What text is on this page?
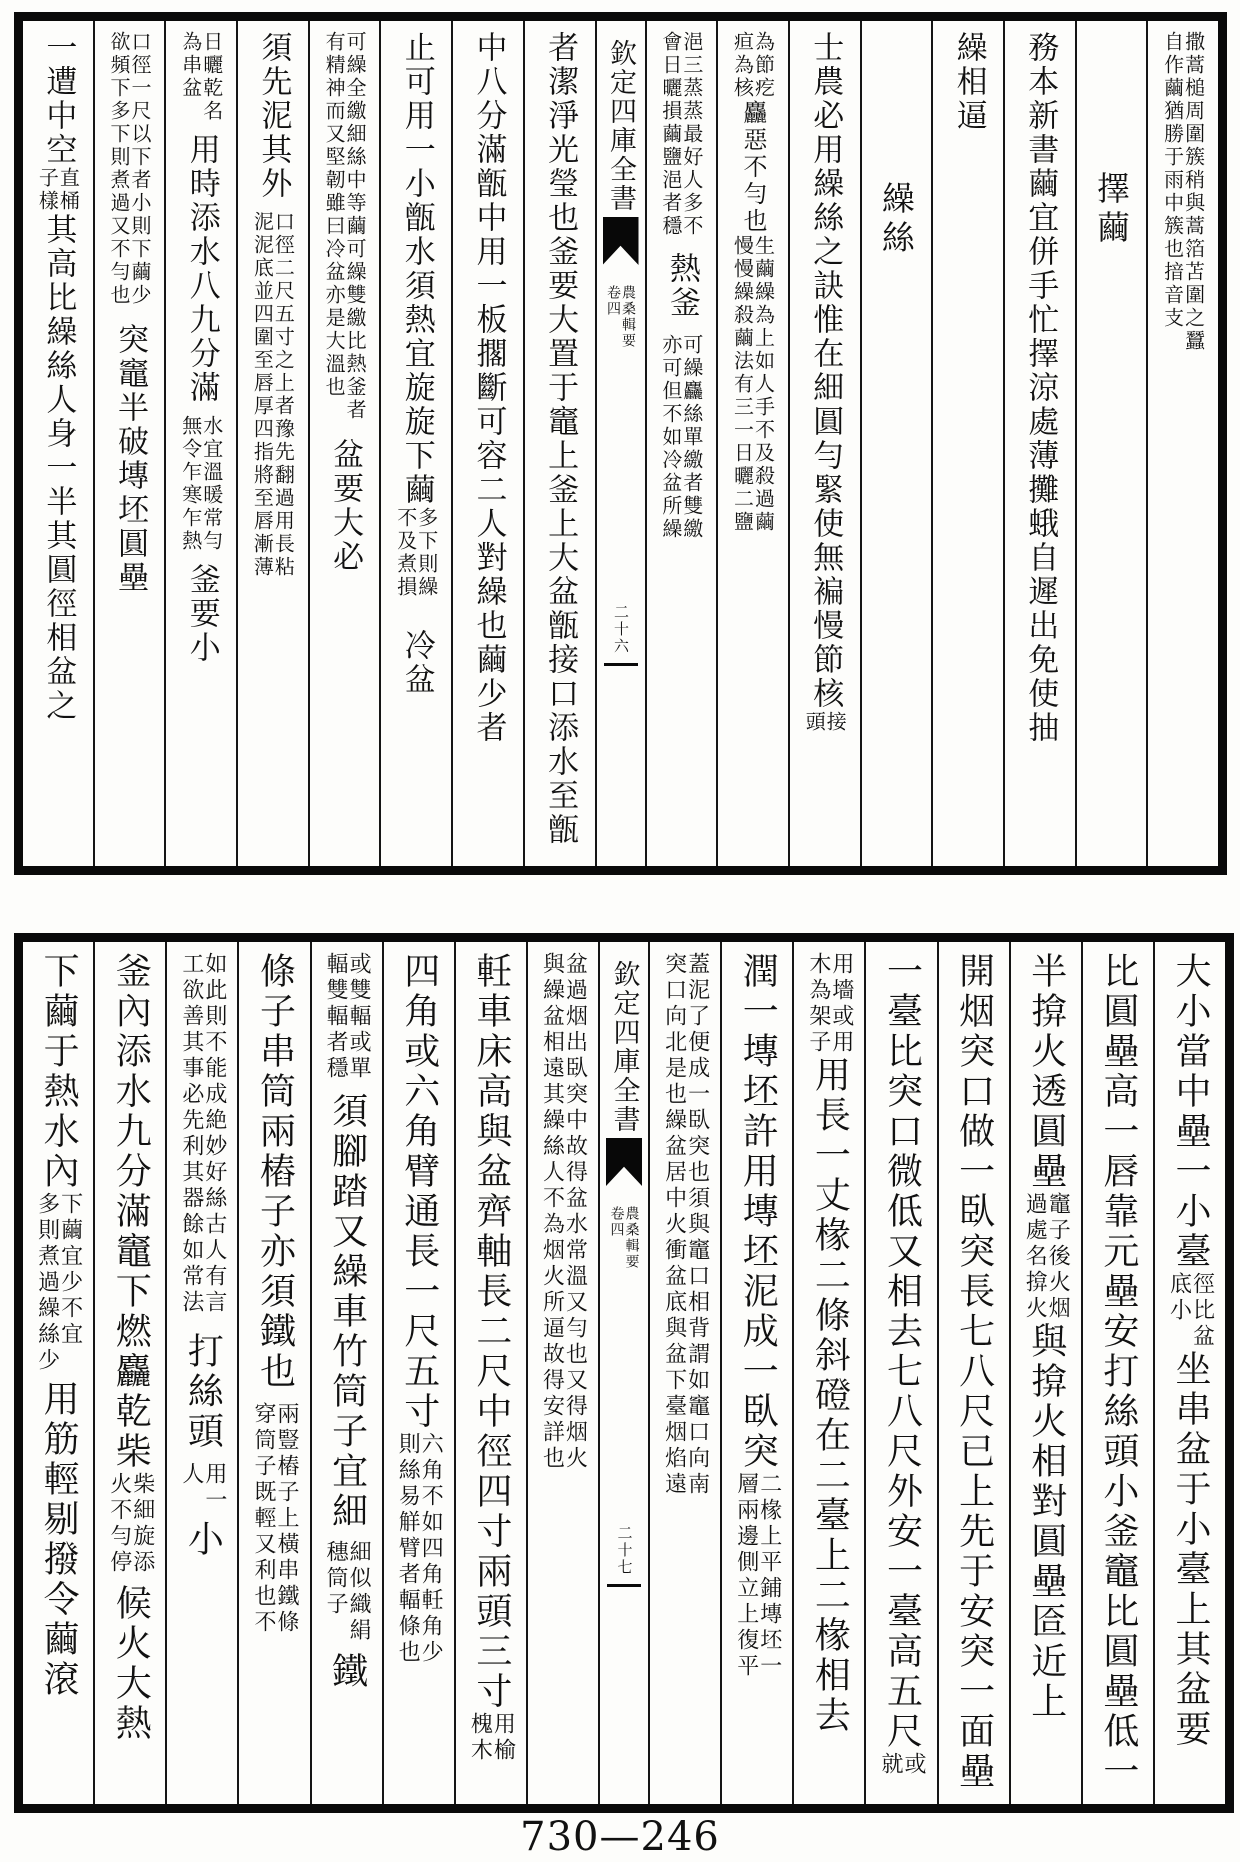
撒蒿槌周圍簇稍與蒿箔苫圍之蠶
自作繭猶勝于雨中簇也揞音支
擇繭
務本新書繭宜併手忙擇涼處薄攤蛾自遲出免使抽
繰相逼
繰絲
士農必用繰絲之訣惟在細圓勻緊使無褊慢節核
接
頭
為節疙
疸為核
麤惡不勻也
生繭繰為上如人手不及殺過繭
慢慢繰殺繭法有三一日曬二鹽
浥三蒸蒸最好人多不
會日曬損繭鹽浥者穩
熱釜
可繰麤絲單繳者雙繳
亦可但不如冷盆所繰
欽定四庫全書
農桑輯要
卷四
二十六
者潔淨光瑩也釜要大置于竈上釜上大盆甑接口添水至甑
中八分滿甑中用一板擱斷可容二人對繰也繭少者
止可用一小甑水須熱宜旋旋下繭
多下則繰
不及煮損
冷盆
可繰全繳細絲中等繭可繰雙繳比熱釜者
有精神而又堅韌雖曰冷盆亦是大溫也
盆要大必
須先泥其外
口徑二尺五寸之上者豫先翻過用長粘
泥泥底並四圍至唇厚四指將至唇漸薄
日曬乾名
為串盆
用時添水八九分滿
水宜溫暖常勻
無令乍寒乍熱
釜要小
口徑一尺以下者小則下繭少
欲頻下多下則煮過又不勻也
突竈半破塼坯圓壘
一遭中空
直桶
子樣
其高比繰絲人身一半其圓徑相盆之
大小當中壘一小臺
徑比盆
底小
坐串盆于小臺上其盆要
比圓壘高一唇靠元壘安打絲頭小釜竈比圓壘低一
半揜火透圓壘
竈子後火烟
過處名揜火
與揜火相對圓壘匼近上
開烟突口做一臥突長七八尺已上先于安突一面壘
一臺比突口微低又相去七八尺外安一臺高五尺
或
就
用墻或用
木為架子
用長一丈椽二條斜磴在二臺上二椽相去
潤一塼坯許用塼坯泥成一臥突
二椽上平鋪塼坯一
層兩邊側立上復平
蓋泥了便成一臥突也須與竈口相背謂如竈口向南
突口向北是也繰盆居中火衝盆底與盆下臺烟焰遠
欽定四庫全書
農桑輯要
卷四
二十七
盆過烟出臥突中故得盆水常溫又勻也又得烟火
與繰盆相遠其繰絲人不為烟火所逼故得安詳也
軠車床高與盆齊軸長二尺中徑四寸兩頭三寸
用榆
槐木
四角或六角臂通長一尺五寸
六角不如四角軠角少
則絲易觧臂者輻條也
或雙輻或單
輻雙輻者穩
須腳踏又繰車竹筒子宜細
細似織絹
穗筒子
鐵
條子串筒兩樁子亦須鐵也
兩豎樁子上橫串鐵條
穿筒子既輕又利也不
如此則不能成絶妙好絲古人有言
工欲善其事必先利其器餘如常法
打絲頭
用一
人
小
釜內添水九分滿竈下燃麤乾柴
柴細旋添
火不勻停
候火大熱
下繭于熱水內
下繭宜少不宜
多則煮過繰絲少
用筋輕剔撥令繭滾
730—246
